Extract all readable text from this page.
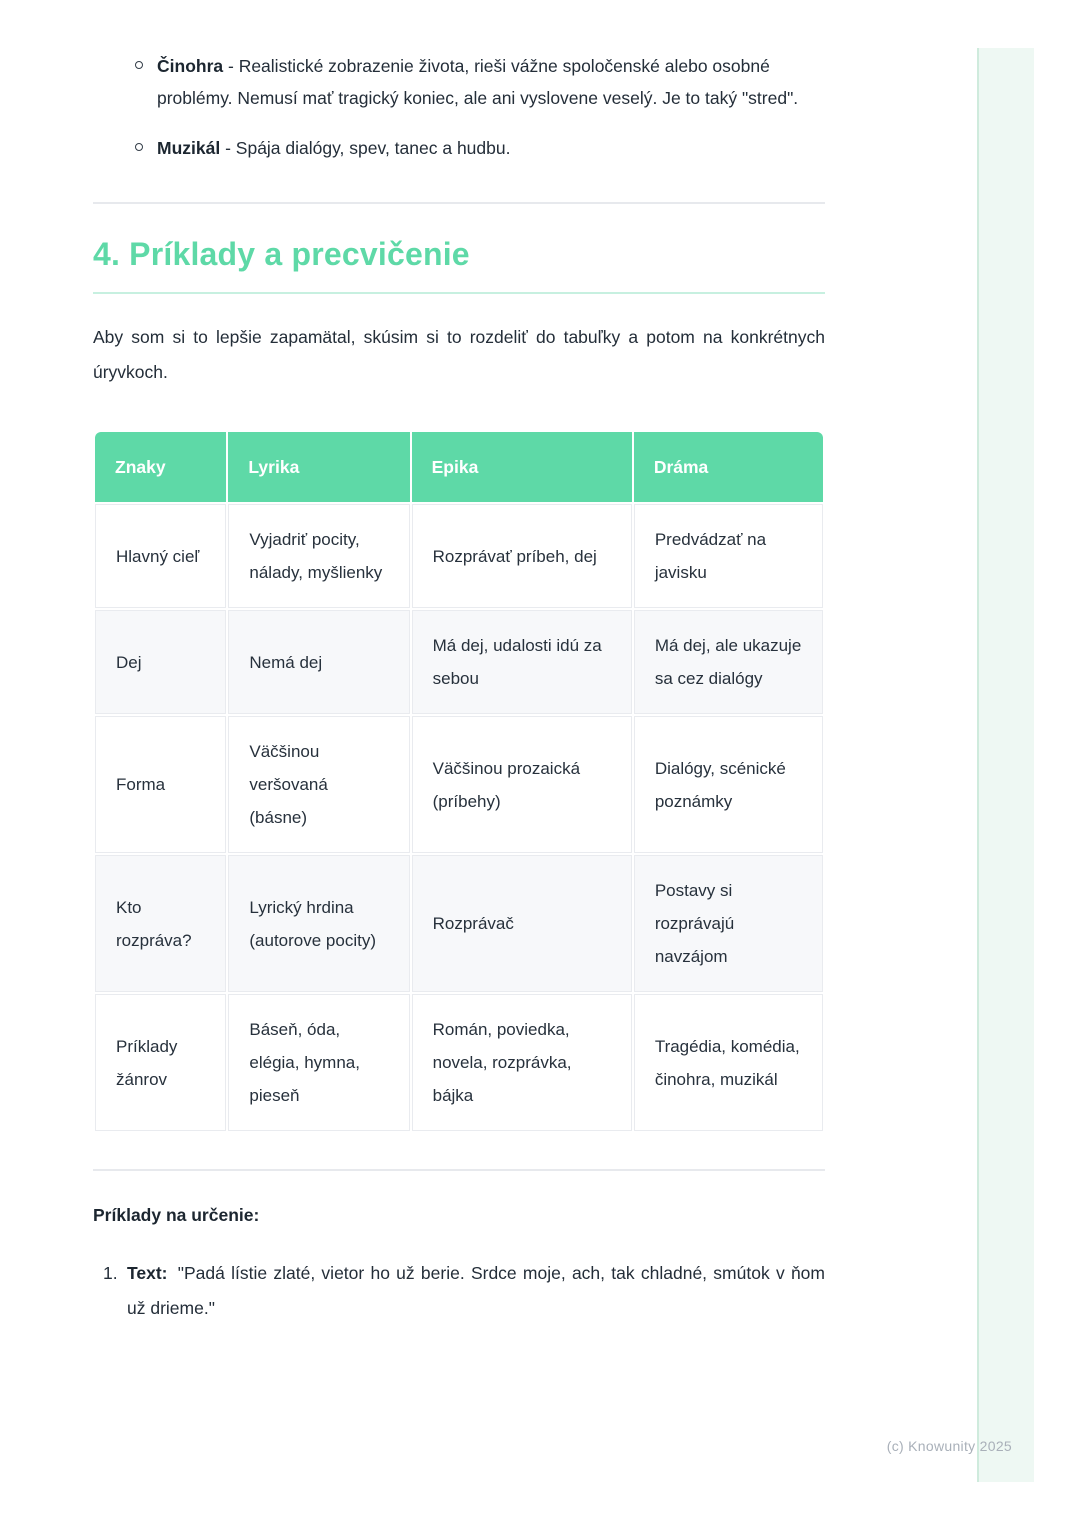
Činohra - Realistické zobrazenie života, rieši vážne spoločenské alebo osobné problémy. Nemusí mať tragický koniec, ale ani vyslovene veselý. Je to taký "stred".
Muzikál - Spája dialógy, spev, tanec a hudbu.
4. Príklady a precvičenie

Aby som si to lepšie zapamätal, skúsim si to rozdeliť do tabuľky a potom na konkrétnych úryvkoch.

Znaky	Lyrika	Epika	Dráma
Hlavný cieľ	Vyjadriť pocity, nálady, myšlienky	Rozprávať príbeh, dej	Predvádzať na javisku
Dej	Nemá dej	Má dej, udalosti idú za sebou	Má dej, ale ukazuje sa cez dialógy
Forma	Väčšinou veršovaná (básne)	Väčšinou prozaická (príbehy)	Dialógy, scénické poznámky
Kto rozpráva?	Lyrický hrdina (autorove pocity)	Rozprávač	Postavy si rozprávajú navzájom
Príklady žánrov	Báseň, óda, elégia, hymna, pieseň	Román, poviedka, novela, rozprávka, bájka	Tragédia, komédia, činohra, muzikál
Príklady na určenie:
1. Text: "Padá lístie zlaté, vietor ho už berie. Srdce moje, ach, tak chladné, smútok v ňom už drieme."
(c) Knowunity 2025
